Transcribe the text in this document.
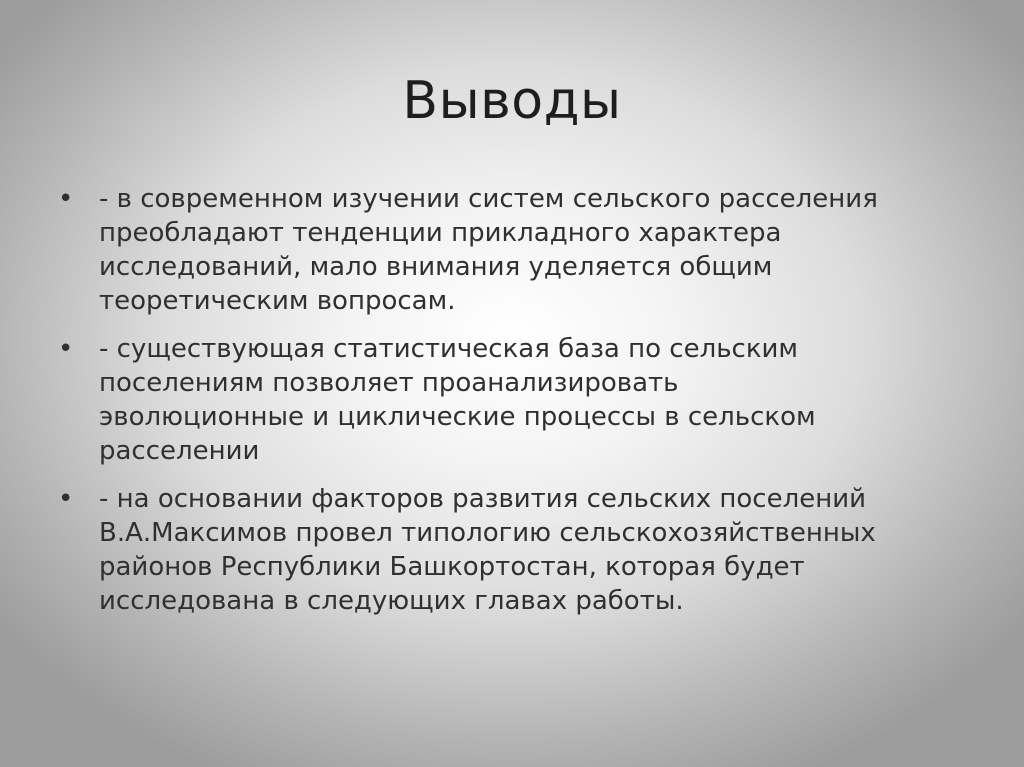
Выводы
• - в современном изучении систем сельского расселения
преобладают тенденции прикладного характера
исследований, мало внимания уделяется общим
теоретическим вопросам.
• - существующая статистическая база по сельским
поселениям позволяет проанализировать
эволюционные и циклические процессы в сельском
расселении
• - на основании факторов развития сельских поселений
В.А.Максимов провел типологию сельскохозяйственных
районов Республики Башкортостан, которая будет
исследована в следующих главах работы.
